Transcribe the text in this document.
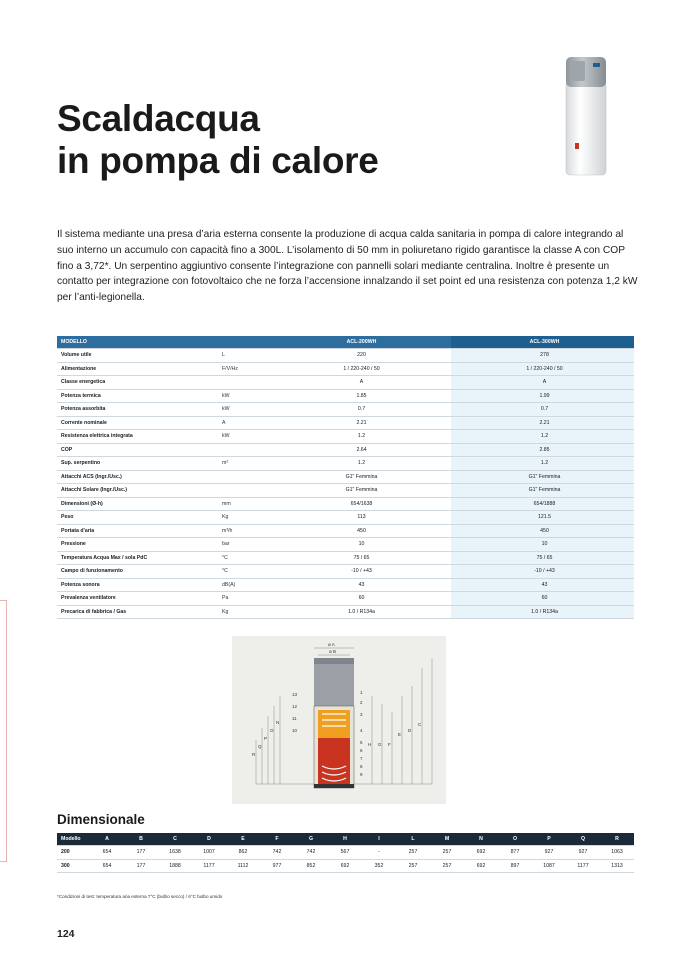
Scaldacqua
in pompa di calore

Il sistema mediante una presa d’aria esterna consente la produzione di acqua calda sanitaria in pompa di calore integrando al suo interno un accumulo con capacità fino a 300L. L’isolamento di 50 mm in poliuretano rigido garantisce la classe A con COP fino a 3,72*. Un serpentino aggiuntivo consente l’integrazione con pannelli solari mediante centralina. Inoltre è presente un contatto per integrazione con fotovoltaico che ne forza l’accensione innalzando il set point ed una resistenza con potenza 1,2 kW per l’anti-legionella.

MODELLO		ACL-200WH	ACL-300WH
Volume utile	L	220	278
Alimentazione	F/V/Hz	1 / 220-240 / 50	1 / 220-240 / 50
Classe energetica		A	A
Potenza termica	kW	1.85	1.99
Potenza assorbita	kW	0.7	0.7
Corrente nominale	A	2.21	2.21
Resistenza elettrica integrata	kW	1.2	1.2
COP		2.64	2.85
Sup. serpentino	m²	1.2	1.2
Attacchi ACS (Ingr./Usc.)		G1" Femmina	G1" Femmina
Attacchi Solare (Ingr./Usc.)		G1" Femmina	G1" Femmina
Dimensioni (Ø-h)	mm	654/1638	654/1888
Peso	Kg	113	121.5
Portata d’aria	m³/h	450	450
Pressione	bar	10	10
Temperatura Acqua Max / sola PdC	°C	75 / 65	75 / 65
Campo di funzionamento	°C	-10 / +43	-10 / +43
Potenza sonora	dB(A)	43	43
Prevalenza ventilatore	Pa	60	60
Precarica di fabbrica / Gas	Kg	1.0 / R134a	1.0 / R134a
13
12
11
10
1
2
3
4
5
6
7
8
9
ø A
ø B
R
Q
P
O
N
H G F
E
D
C
Dimensionale
Modello	A	B	C	D	E	F	G	H	I	L	M	N	O	P	Q	R
200	654	177	1638	1007	862	742	742	567	-	257	257	692	877	927	927	1063
300	654	177	1888	1177	1112	977	852	692	352	257	257	692	897	1087	1177	1313

*Condizioni di test: temperatura aria esterna 7°C (bulbo secco) / 6°C bulbo umido

124
